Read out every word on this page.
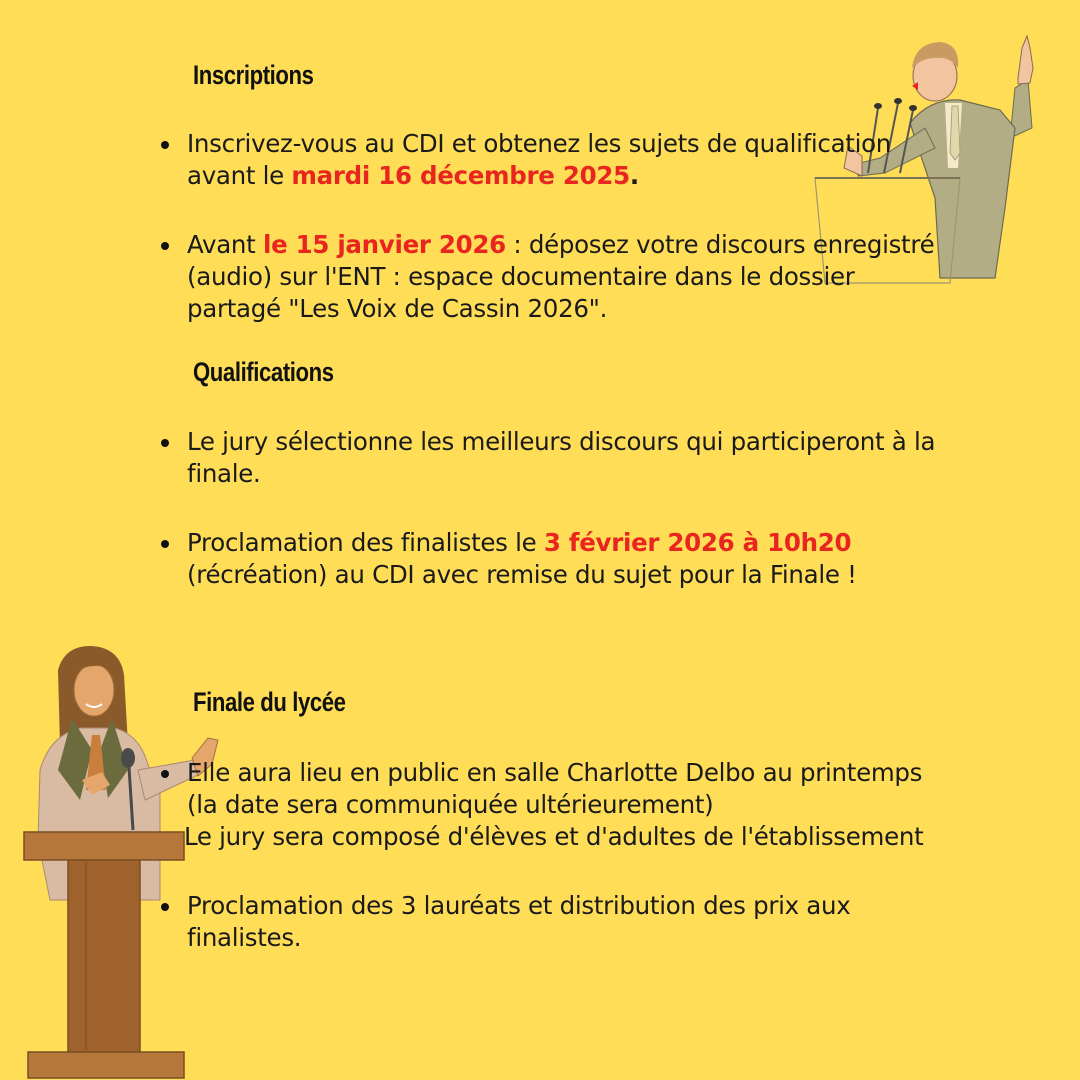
Inscriptions
Inscrivez-vous au CDI et obtenez les sujets de qualification avant le mardi 16 décembre 2025.
Avant le 15 janvier 2026 : déposez votre discours enregistré (audio) sur l'ENT : espace documentaire dans le dossier partagé "Les Voix de Cassin 2026".
Qualifications
Le jury sélectionne les meilleurs discours qui participeront à la finale.
Proclamation des finalistes le 3 février 2026 à 10h20 (récréation) au CDI avec remise du sujet pour la Finale !
Finale du lycée
Elle aura lieu en public en salle Charlotte Delbo au printemps (la date sera communiquée ultérieurement)
Le jury sera composé d'élèves et d'adultes de l'établissement
Proclamation des 3 lauréats et distribution des prix aux finalistes.
